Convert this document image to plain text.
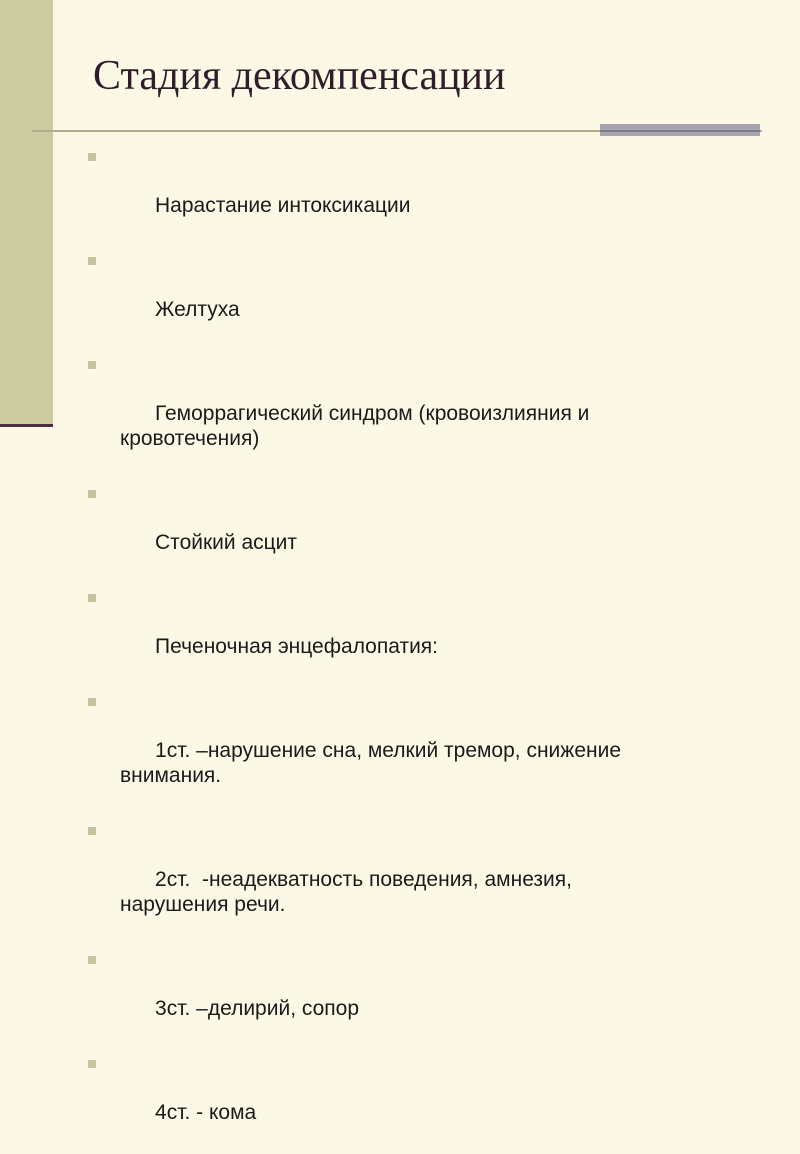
Стадия декомпенсации

Нарастание интоксикации

Желтуха

Геморрагический синдром (кровоизлияния и
кровотечения)

Стойкий асцит

Печеночная энцефалопатия:

1ст. –нарушение сна, мелкий тремор, снижение
внимания.

2ст.  -неадекватность поведения, амнезия,
нарушения речи.

3ст. –делирий, сопор

4ст. - кома
